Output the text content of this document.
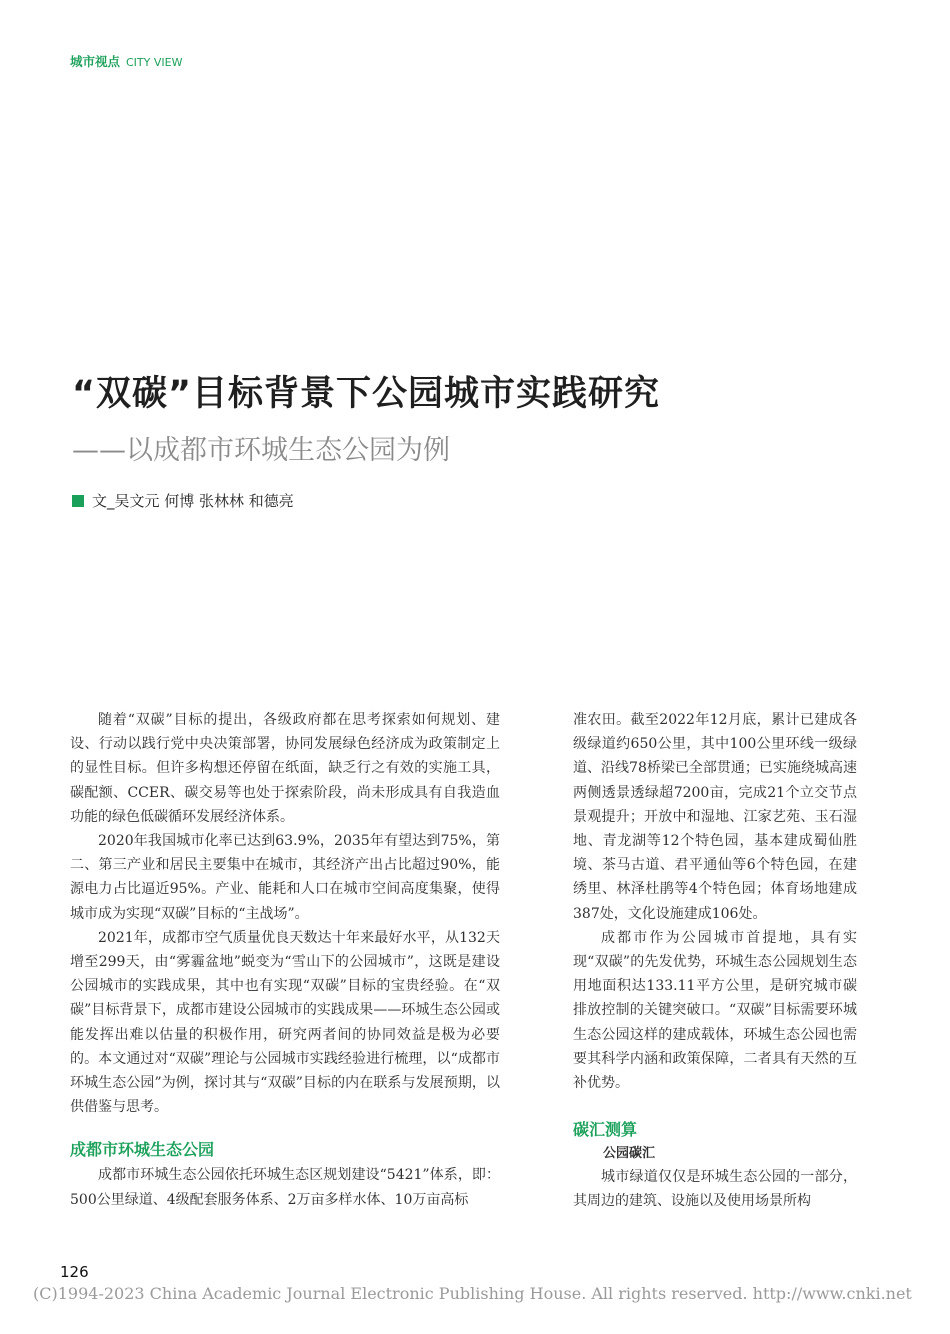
城市视点 CITY VIEW
“双碳”目标背景下公园城市实践研究
——以成都市环城生态公园为例
文_吴文元 何博 张林林 和德亮

随着“双碳”目标的提出，各级政府都在思考探索如何规划、建设、行动以践行党中央决策部署，协同发展绿色经济成为政策制定上的显性目标。但许多构想还停留在纸面，缺乏行之有效的实施工具，碳配额、CCER、碳交易等也处于探索阶段，尚未形成具有自我造血功能的绿色低碳循环发展经济体系。

2020年我国城市化率已达到63.9%，2035年有望达到75%，第二、第三产业和居民主要集中在城市，其经济产出占比超过90%，能源电力占比逼近95%。产业、能耗和人口在城市空间高度集聚，使得城市成为实现“双碳”目标的“主战场”。

2021年，成都市空气质量优良天数达十年来最好水平，从132天增至299天，由“雾霾盆地”蜕变为“雪山下的公园城市”，这既是建设公园城市的实践成果，其中也有实现“双碳”目标的宝贵经验。在“双碳”目标背景下，成都市建设公园城市的实践成果——环城生态公园或能发挥出难以估量的积极作用，研究两者间的协同效益是极为必要的。本文通过对“双碳”理论与公园城市实践经验进行梳理，以“成都市环城生态公园”为例，探讨其与“双碳”目标的内在联系与发展预期，以供借鉴与思考。

成都市环城生态公园

成都市环城生态公园依托环城生态区规划建设“5421”体系，即：500公里绿道、4级配套服务体系、2万亩多样水体、10万亩高标

准农田。截至2022年12月底，累计已建成各级绿道约650公里，其中100公里环线一级绿道、沿线78桥梁已全部贯通；已实施绕城高速两侧透景透绿超7200亩，完成21个立交节点景观提升；开放中和湿地、江家艺苑、玉石湿地、青龙湖等12个特色园，基本建成蜀仙胜境、茶马古道、君平通仙等6个特色园，在建绣里、林泽杜鹃等4个特色园；体育场地建成387处，文化设施建成106处。

成都市作为公园城市首提地，具有实现“双碳”的先发优势，环城生态公园规划生态用地面积达133.11平方公里，是研究城市碳排放控制的关键突破口。“双碳”目标需要环城生态公园这样的建成载体，环城生态公园也需要其科学内涵和政策保障，二者具有天然的互补优势。

碳汇测算
公园碳汇

城市绿道仅仅是环城生态公园的一部分，其周边的建筑、设施以及使用场景所构

126
(C)1994-2023 China Academic Journal Electronic Publishing House. All rights reserved. http://www.cnki.net
